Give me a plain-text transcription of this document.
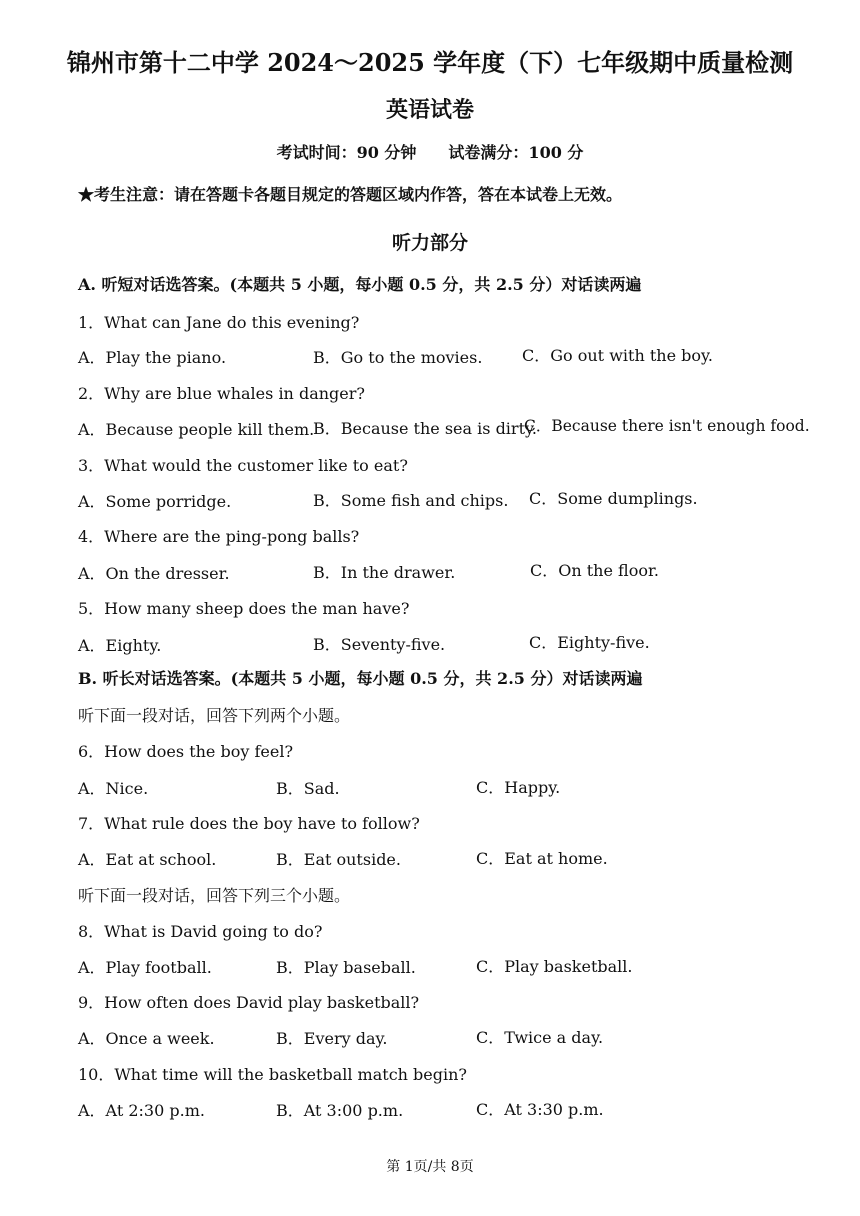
锦州市第十二中学 2024～2025 学年度（下）七年级期中质量检测
英语试卷
考试时间：90 分钟　　试卷满分：100 分
★考生注意：请在答题卡各题目规定的答题区域内作答，答在本试卷上无效。
听力部分
A. 听短对话选答案。(本题共 5 小题，每小题 0.5 分，共 2.5 分）对话读两遍
1．What can Jane do this evening?
A．Play the piano.	B．Go to the movies. C．Go out with the boy.
2．Why are blue whales in danger?
A．Because people kill them.
B．Because the sea is dirty.
C．Because there isn't enough food.
3．What would the customer like to eat?
A．Some porridge.	B．Some fish and chips. C．Some dumplings.
4．Where are the ping-pong balls?
A．On the dresser.	B．In the drawer.	C．On the floor.
5．How many sheep does the man have?
A．Eighty.	B．Seventy-five.	C．Eighty-five.
B. 听长对话选答案。(本题共 5 小题，每小题 0.5 分，共 2.5 分）对话读两遍
听下面一段对话，回答下列两个小题。
6．How does the boy feel?
A．Nice.	B．Sad.	C．Happy.
7．What rule does the boy have to follow?
A．Eat at school.	B．Eat outside.	C．Eat at home.
听下面一段对话，回答下列三个小题。
8．What is David going to do?
A．Play football.	B．Play baseball.	C．Play basketball.
9．How often does David play basketball?
A．Once a week.	B．Every day.	C．Twice a day.
10．What time will the basketball match begin?
A．At 2:30 p.m.	B．At 3:00 p.m.	C．At 3:30 p.m.
第 1页/共 8页
